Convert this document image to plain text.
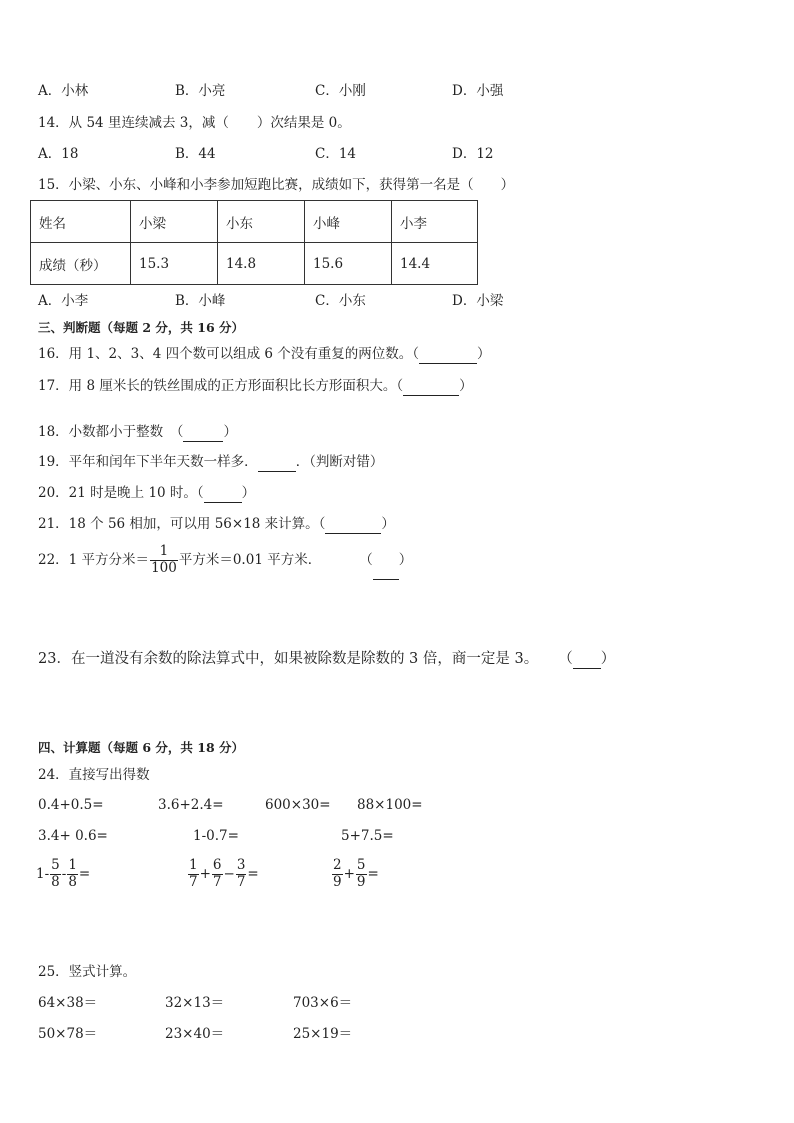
A．小林	B．小亮	C．小刚	D．小强
14．从 54 里连续减去 3，减（ ）次结果是 0。
A．18	B．44	C．14	D．12
15．小梁、小东、小峰和小李参加短跑比赛，成绩如下，获得第一名是（　　）
姓名	小梁	小东	小峰	小李
成绩（秒）	15.3	14.8	15.6	14.4
A．小李	B．小峰	C．小东	D．小梁
三、判断题（每题 2 分，共 16 分）
16．用 1、2、3、4 四个数可以组成 6 个没有重复的两位数。（	）
17．用 8 厘米长的铁丝围成的正方形面积比长方形面积大。（	）
18．小数都小于整数　（	）
19．平年和闰年下半年天数一样多．	．（判断对错）
20．21 时是晚上 10 时。（	）
21．18 个 56 相加，可以用 56×18 来计算。（	）
22．1 平方分米＝ $\frac{1}{100}$ 平方米＝0.01 平方米．	（ ）
23．在一道没有余数的除法算式中，如果被除数是除数的 3 倍，商一定是 3。 （ ）
四、计算题（每题 6 分，共 18 分）
24．直接写出得数
0.4+0.5=	3.6+2.4=	600×30= 88×100=
3.4+ 0.6=	1-0.7=	5+7.5=
$1- \frac{5}{8} - \frac{1}{8}$ =	$\frac{1}{7} + \frac{6}{7} - \frac{3}{7}$ =	$\frac{2}{9} + \frac{5}{9}$ =
25．竖式计算。
64×38＝	32×13＝	703×6＝
50×78＝	23×40＝	25×19＝
